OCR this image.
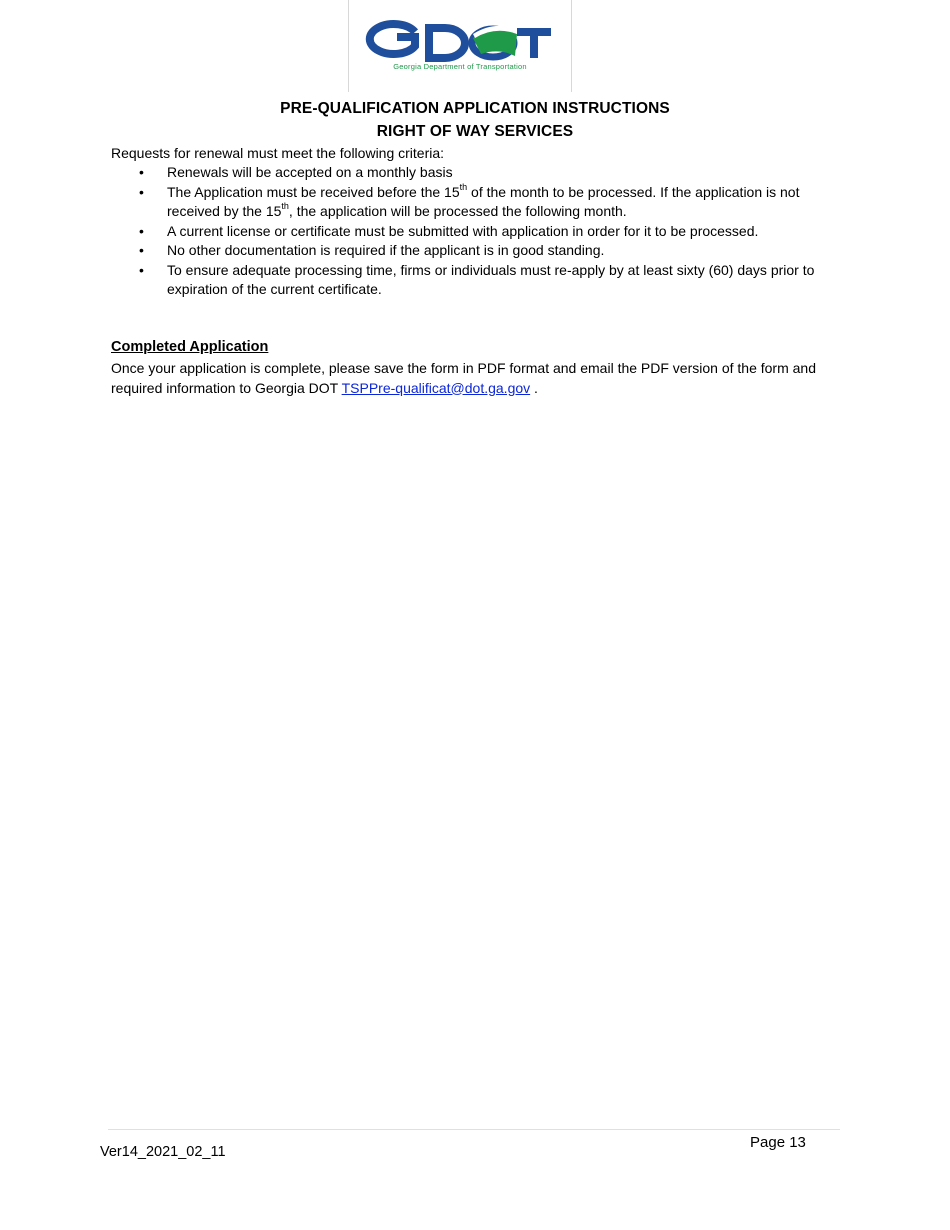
Georgia Department of Transportation
PRE-QUALIFICATION APPLICATION INSTRUCTIONS
RIGHT OF WAY SERVICES
Requests for renewal must meet the following criteria:
• Renewals will be accepted on a monthly basis
• The Application must be received before the 15th of the month to be processed. If the application is not received by the 15th, the application will be processed the following month.
• A current license or certificate must be submitted with application in order for it to be processed.
• No other documentation is required if the applicant is in good standing.
• To ensure adequate processing time, firms or individuals must re-apply by at least sixty (60) days prior to expiration of the current certificate.
Completed Application
Once your application is complete, please save the form in PDF format and email the PDF version of the form and required information to Georgia DOT TSPPre-qualificat@dot.ga.gov .
Page 13
Ver14_2021_02_11
